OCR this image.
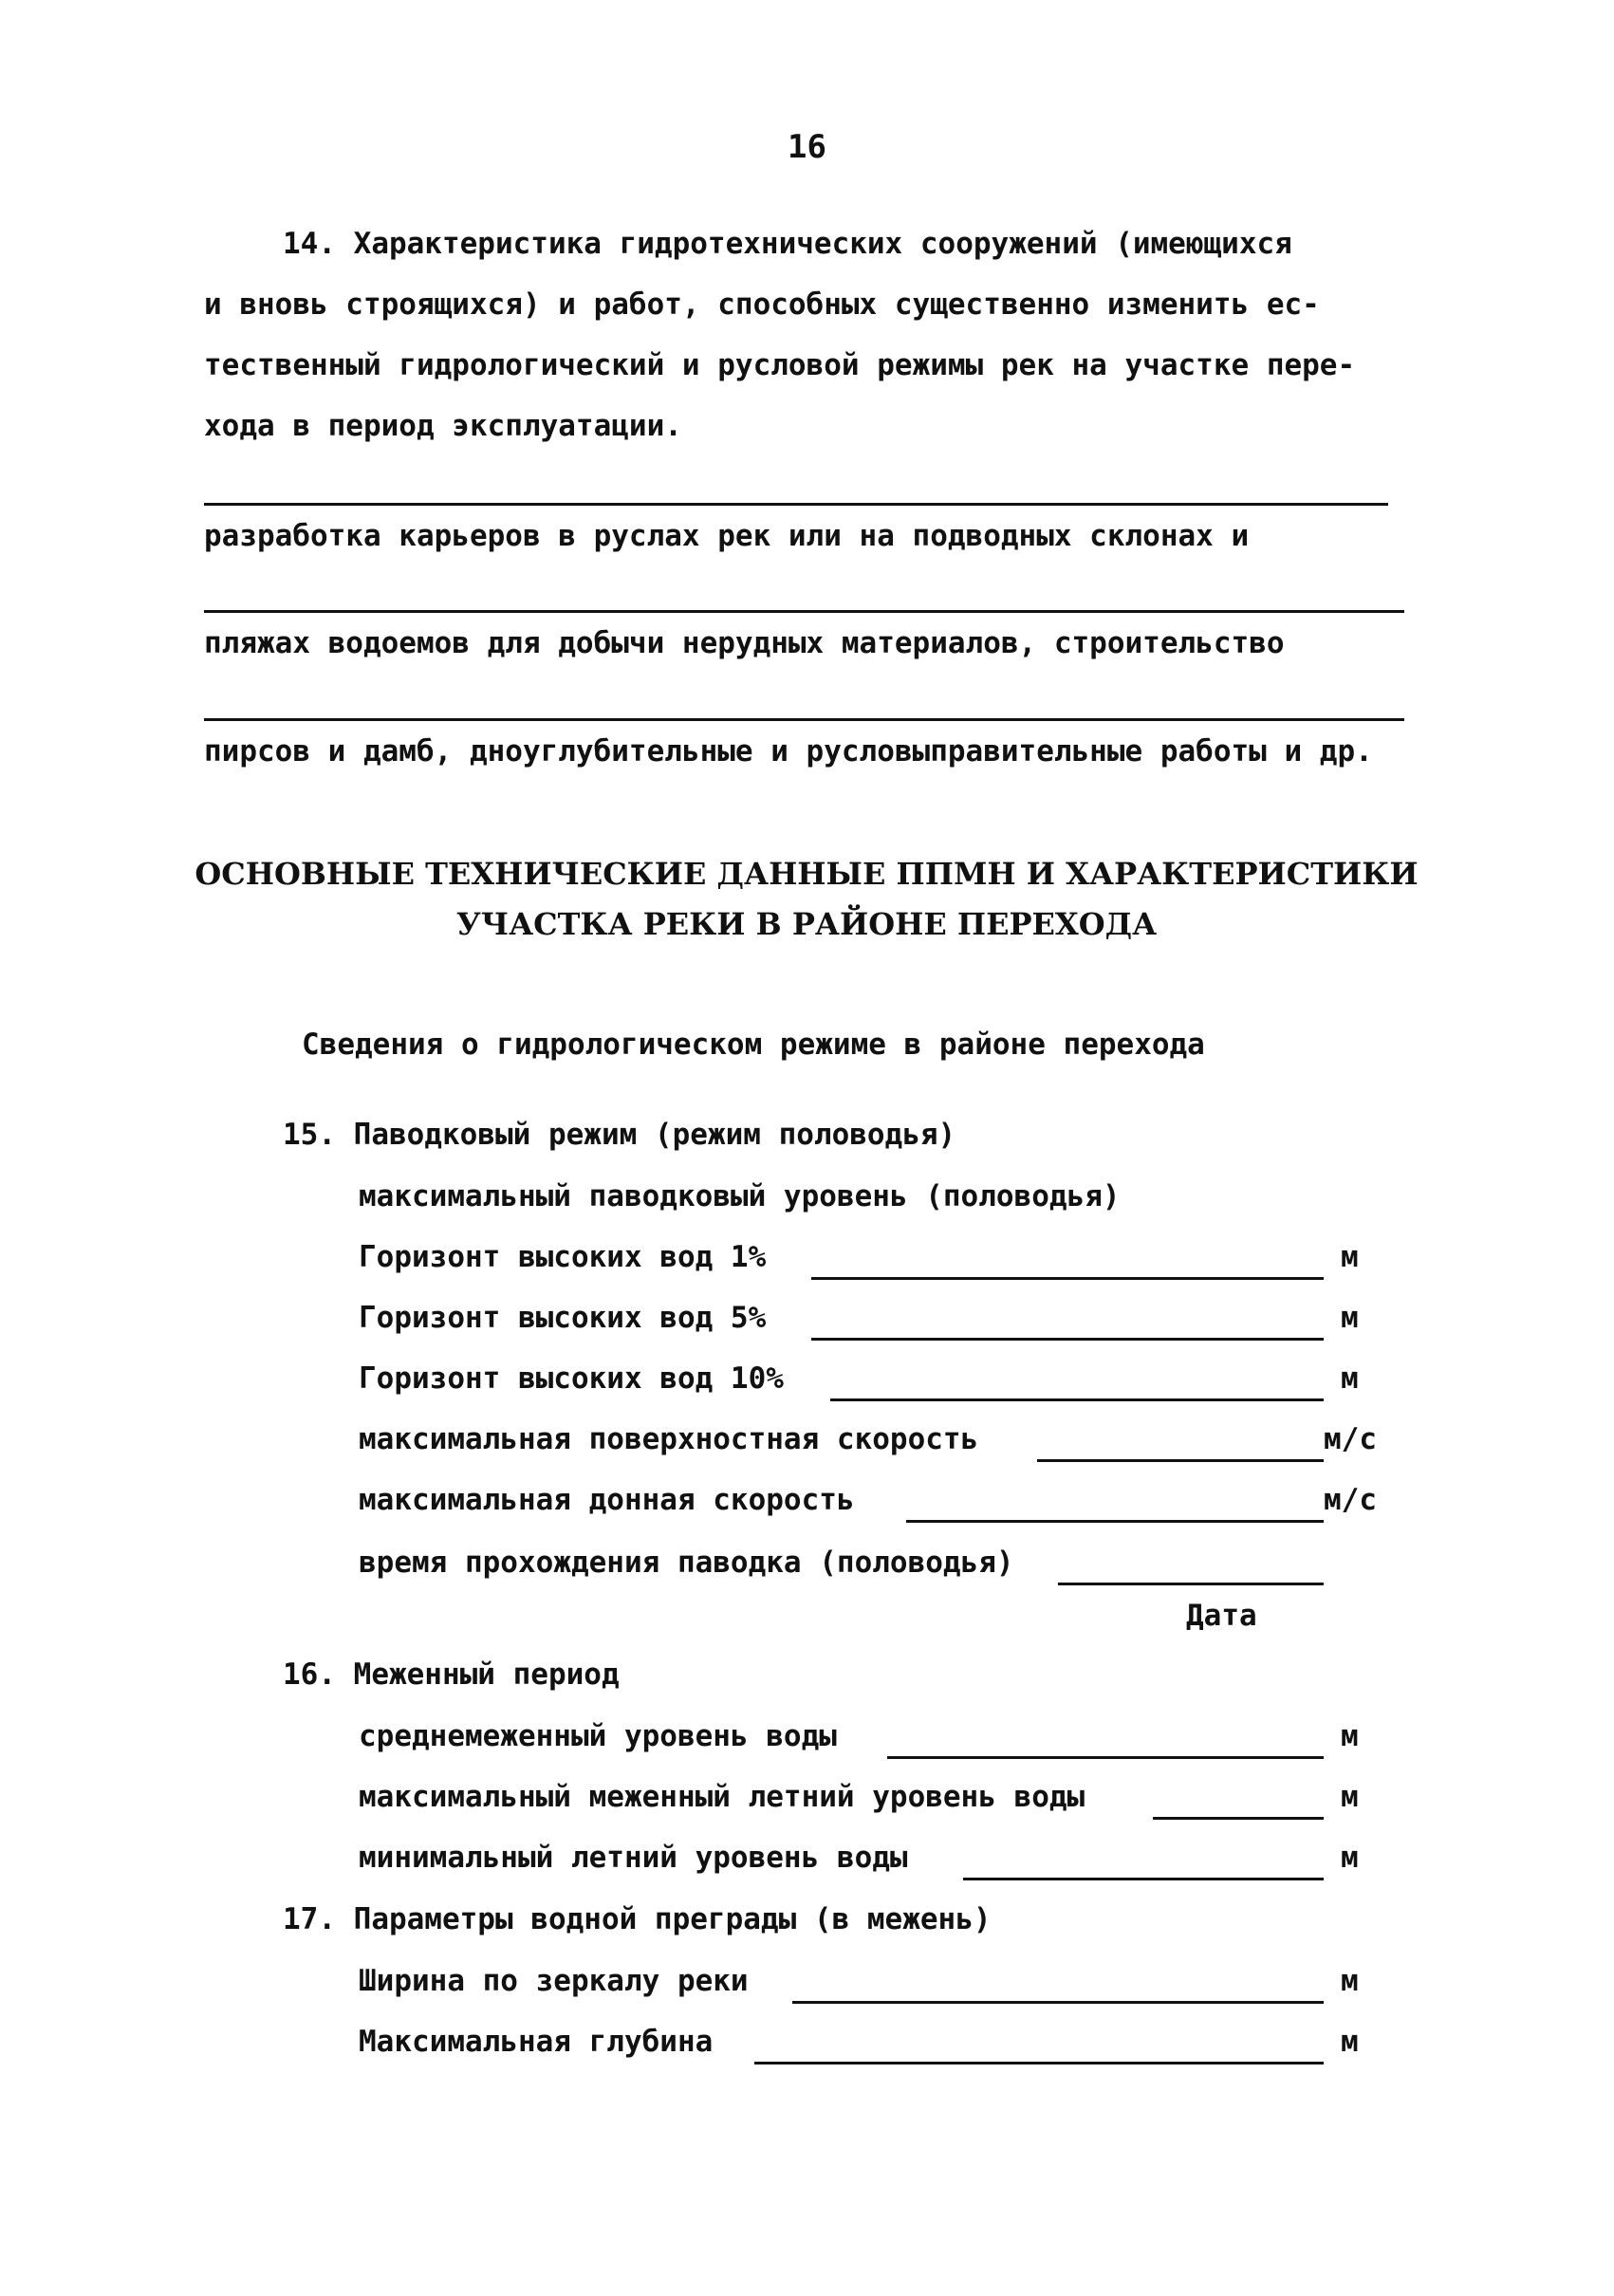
16
14. Характеристика гидротехнических сооружений (имеющихся
и вновь строящихся) и работ, способных существенно изменить ес-
тественный гидрологический и русловой режимы рек на участке пере-
хода в период эксплуатации.
разработка карьеров в руслах рек или на подводных склонах и
пляжах водоемов для добычи нерудных материалов, строительство
пирсов и дамб, дноуглубительные и русловыправительные работы и др.
ОСНОВНЫЕ ТЕХНИЧЕСКИЕ ДАННЫЕ ППМН И ХАРАКТЕРИСТИКИ
УЧАСТКА РЕКИ В РАЙОНЕ ПЕРЕХОДА
Сведения о гидрологическом режиме в районе перехода
15. Паводковый режим (режим половодья)
максимальный паводковый уровень (половодья)
Горизонт высоких вод 1%	м
Горизонт высоких вод 5%	м
Горизонт высоких вод 10%	м
максимальная поверхностная скорость	м/с
максимальная донная скорость	м/с
время прохождения паводка (половодья)
Дата
16. Меженный период
среднемеженный уровень воды	м
максимальный меженный летний уровень воды	м
минимальный летний уровень воды	м
17. Параметры водной преграды (в межень)
Ширина по зеркалу реки	м
Максимальная глубина	м
